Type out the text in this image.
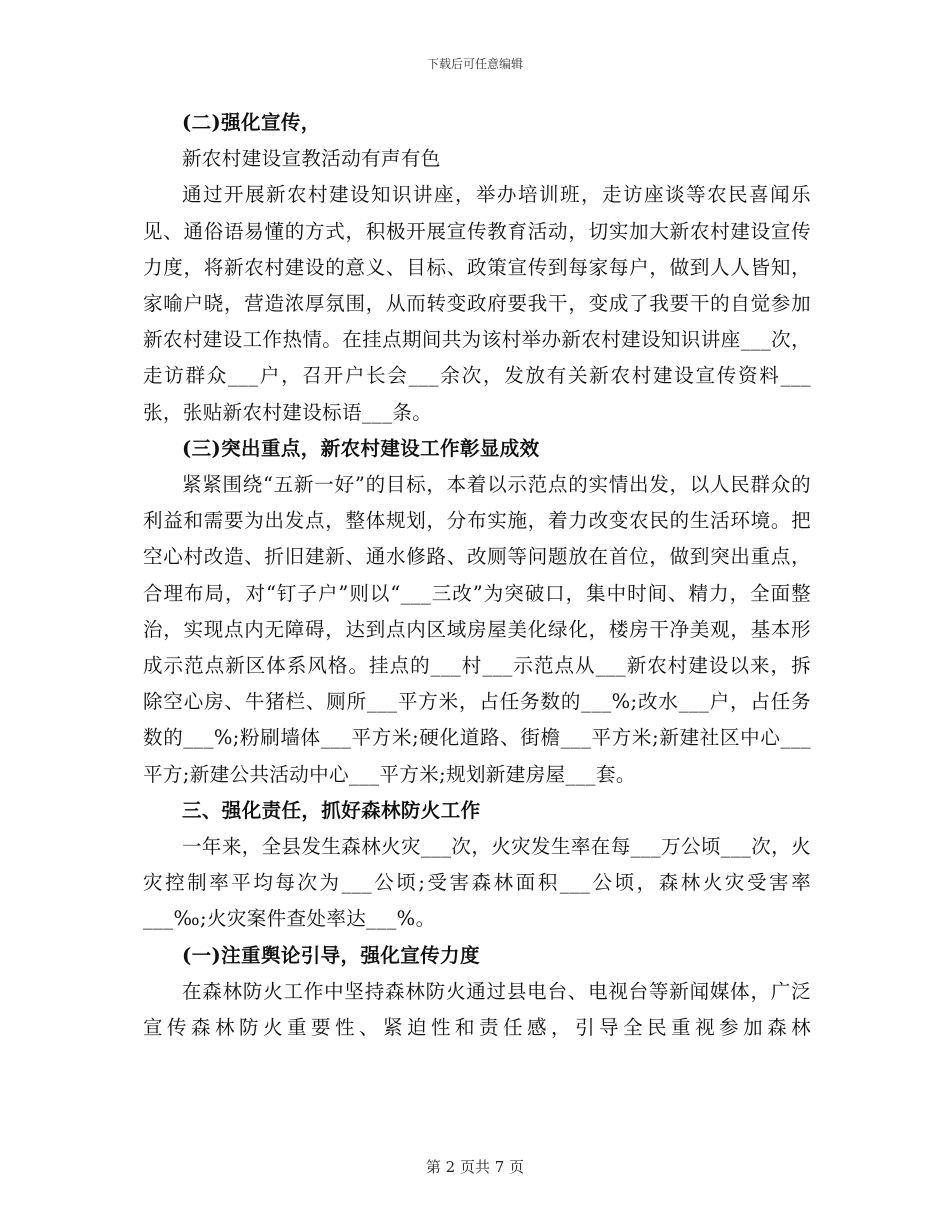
下载后可任意编辑
(二)强化宣传，

新农村建设宣教活动有声有色

通过开展新农村建设知识讲座，举办培训班，走访座谈等农民喜闻乐见、通俗语易懂的方式，积极开展宣传教育活动，切实加大新农村建设宣传力度，将新农村建设的意义、目标、政策宣传到每家每户，做到人人皆知，家喻户晓，营造浓厚氛围，从而转变政府要我干，变成了我要干的自觉参加新农村建设工作热情。在挂点期间共为该村举办新农村建设知识讲座___次，走访群众___户，召开户长会___余次，发放有关新农村建设宣传资料___张，张贴新农村建设标语___条。

(三)突出重点，新农村建设工作彰显成效

紧紧围绕“五新一好”的目标，本着以示范点的实情出发，以人民群众的利益和需要为出发点，整体规划，分布实施，着力改变农民的生活环境。把空心村改造、折旧建新、通水修路、改厕等问题放在首位，做到突出重点，合理布局，对“钉子户”则以“___三改”为突破口，集中时间、精力，全面整治，实现点内无障碍，达到点内区域房屋美化绿化，楼房干净美观，基本形成示范点新区体系风格。挂点的___村___示范点从___新农村建设以来，拆除空心房、牛猪栏、厕所___平方米，占任务数的___%;改水___户，占任务数的___%;粉刷墙体___平方米;硬化道路、街檐___平方米;新建社区中心___平方;新建公共活动中心___平方米;规划新建房屋___套。

三、强化责任，抓好森林防火工作

一年来，全县发生森林火灾___次，火灾发生率在每___万公顷___次，火灾控制率平均每次为___公顷;受害森林面积___公顷，森林火灾受害率___‰;火灾案件查处率达___%。

(一)注重舆论引导，强化宣传力度

在森林防火工作中坚持森林防火通过县电台、电视台等新闻媒体，广泛宣传森林防火重要性、紧迫性和责任感，引导全民重视参加森林

第 2 页共 7 页
